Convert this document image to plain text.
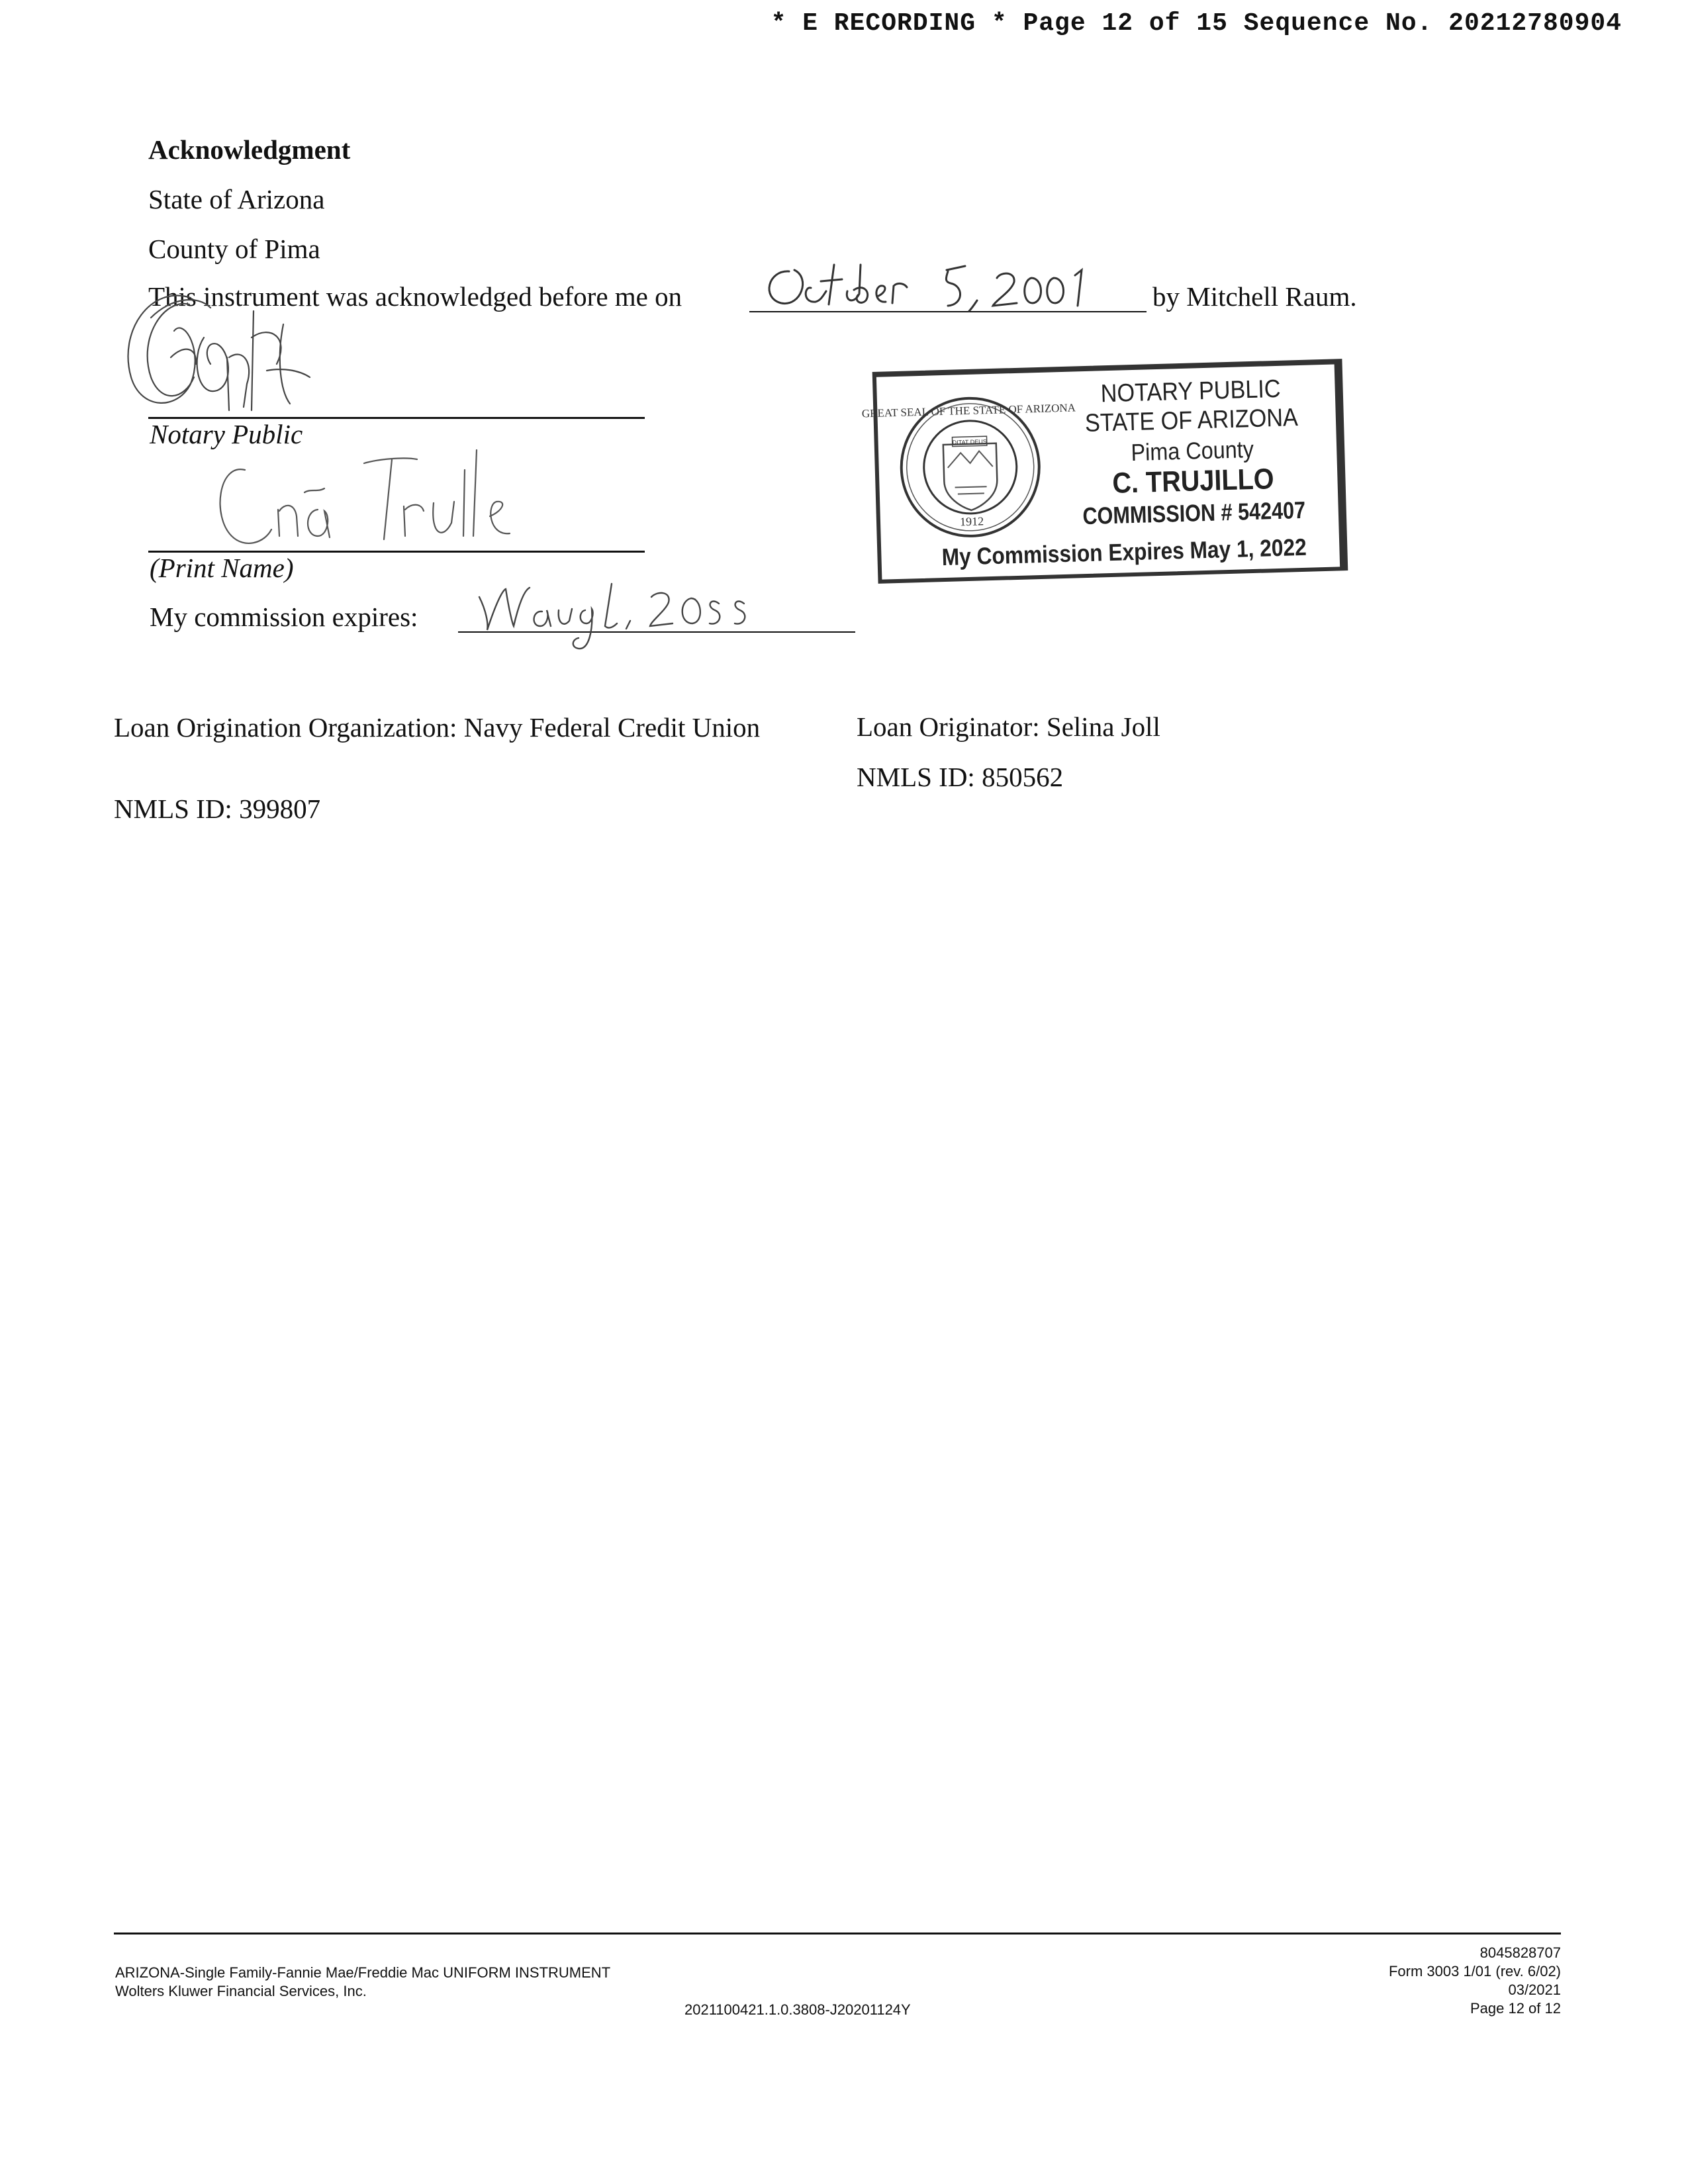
* E RECORDING * Page 12 of 15 Sequence No. 20212780904
Acknowledgment
State of Arizona
County of Pima
This instrument was acknowledged before me on	by Mitchell Raum.
Notary Public
(Print Name)
My commission expires:
GREAT SEAL OF THE STATE OF ARIZONA
DITAT DEUS
1912
NOTARY PUBLIC
STATE OF ARIZONA
Pima County
C. TRUJILLO
COMMISSION # 542407
My Commission Expires May 1, 2022
Loan Origination Organization: Navy Federal Credit Union
NMLS ID: 399807
Loan Originator: Selina Joll
NMLS ID: 850562
ARIZONA-Single Family-Fannie Mae/Freddie Mac UNIFORM INSTRUMENT
Wolters Kluwer Financial Services, Inc.
2021100421.1.0.3808-J20201124Y
8045828707
Form 3003 1/01 (rev. 6/02)
03/2021
Page 12 of 12
